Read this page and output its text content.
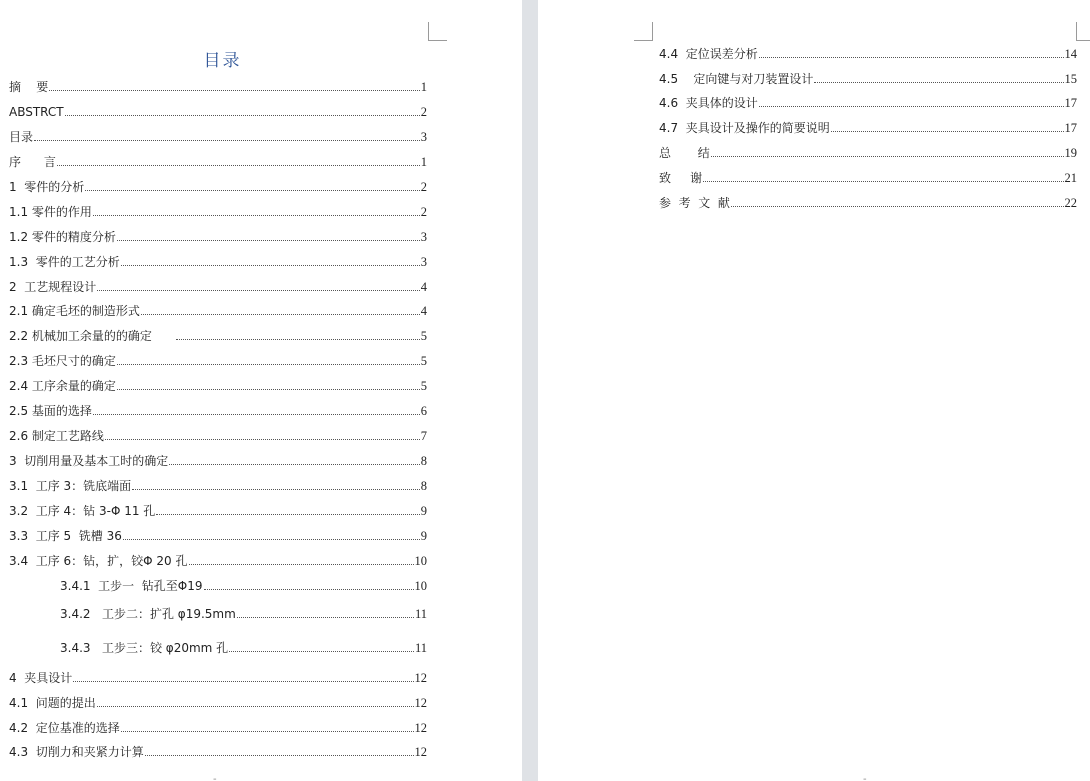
目录
摘    要	1
ABSTRCT	2
目录	3
序      言	1
1  零件的分析	2
1.1 零件的作用	2
1.2 零件的精度分析	3
1.3  零件的工艺分析	3
2  工艺规程设计	4
2.1 确定毛坯的制造形式	4
2.2 机械加工余量的的确定	5
2.3 毛坯尺寸的确定	5
2.4 工序余量的确定	5
2.5 基面的选择	6
2.6 制定工艺路线	7
3  切削用量及基本工时的确定	8
3.1  工序 3：铣底端面	8
3.2  工序 4：钻 3-Φ 11 孔	9
3.3  工序 5  铣槽 36	9
3.4  工序 6：钻，扩，铰Φ 20 孔	10
3.4.1  工步一  钻孔至Φ19	10
3.4.2   工步二：扩孔 φ19.5mm	11
3.4.3   工步三：铰 φ20mm 孔	11
4  夹具设计	12
4.1  问题的提出	12
4.2  定位基准的选择	12
4.3  切削力和夹紧力计算	12
-
4.4  定位误差分析	14
4.5    定向键与对刀装置设计	15
4.6  夹具体的设计	17
4.7  夹具设计及操作的简要说明	17
总       结	19
致     谢	21
参  考  文  献	22
-
